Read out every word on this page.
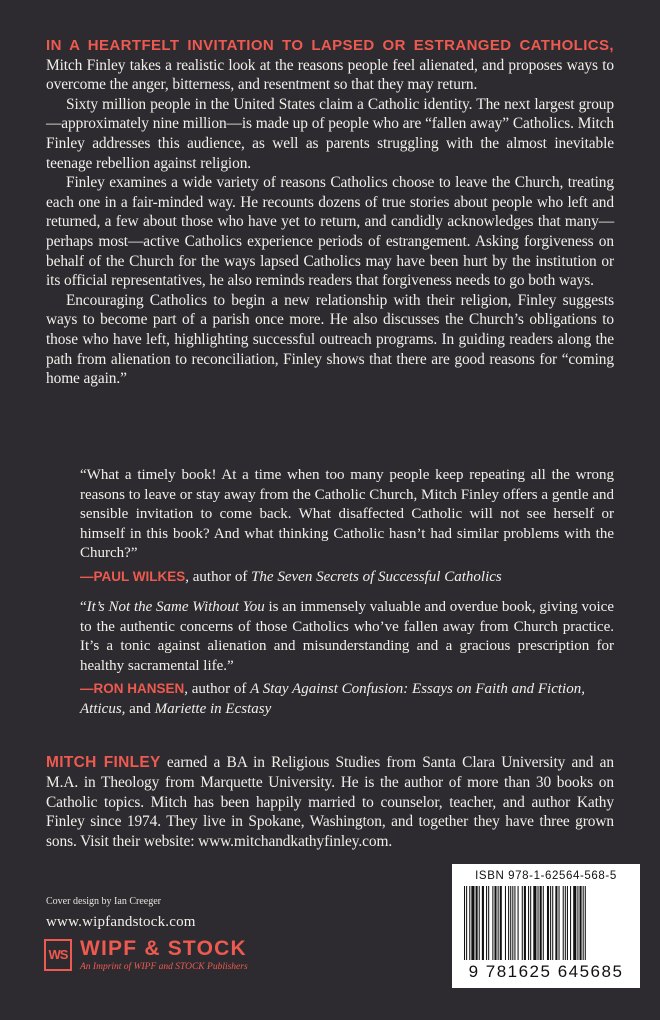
IN A HEARTFELT INVITATION TO LAPSED OR ESTRANGED CATHOLICS, Mitch Finley takes a realistic look at the reasons people feel alienated, and proposes ways to overcome the anger, bitterness, and resentment so that they may return.

Sixty million people in the United States claim a Catholic identity. The next largest group—approximately nine million—is made up of people who are “fallen away” Catholics. Mitch Finley addresses this audience, as well as parents struggling with the almost inevitable teenage rebellion against religion.

Finley examines a wide variety of reasons Catholics choose to leave the Church, treating each one in a fair-minded way. He recounts dozens of true stories about people who left and returned, a few about those who have yet to return, and candidly acknowledges that many—perhaps most—active Catholics experience periods of estrangement. Asking forgiveness on behalf of the Church for the ways lapsed Catholics may have been hurt by the institution or its official representatives, he also reminds readers that forgiveness needs to go both ways.

Encouraging Catholics to begin a new relationship with their religion, Finley suggests ways to become part of a parish once more. He also discusses the Church’s obligations to those who have left, highlighting successful outreach programs. In guiding readers along the path from alienation to reconciliation, Finley shows that there are good reasons for “coming home again.”

“What a timely book! At a time when too many people keep repeating all the wrong reasons to leave or stay away from the Catholic Church, Mitch Finley offers a gentle and sensible invitation to come back. What disaffected Catholic will not see herself or himself in this book? And what thinking Catholic hasn’t had similar problems with the Church?”

—PAUL WILKES, author of The Seven Secrets of Successful Catholics

“It’s Not the Same Without You is an immensely valuable and overdue book, giving voice to the authentic concerns of those Catholics who’ve fallen away from Church practice. It’s a tonic against alienation and misunderstanding and a gracious prescription for healthy sacramental life.”

—RON HANSEN, author of A Stay Against Confusion: Essays on Faith and Fiction, Atticus, and Mariette in Ecstasy

MITCH FINLEY earned a BA in Religious Studies from Santa Clara University and an M.A. in Theology from Marquette University. He is the author of more than 30 books on Catholic topics. Mitch has been happily married to counselor, teacher, and author Kathy Finley since 1974. They live in Spokane, Washington, and together they have three grown sons. Visit their website: www.mitchandkathyfinley.com.
Cover design by Ian Creeger
www.wipfandstock.com
WS WIPF & STOCK
An Imprint of WIPF and STOCK Publishers
ISBN 978-1-62564-568-5
9 781625 645685
